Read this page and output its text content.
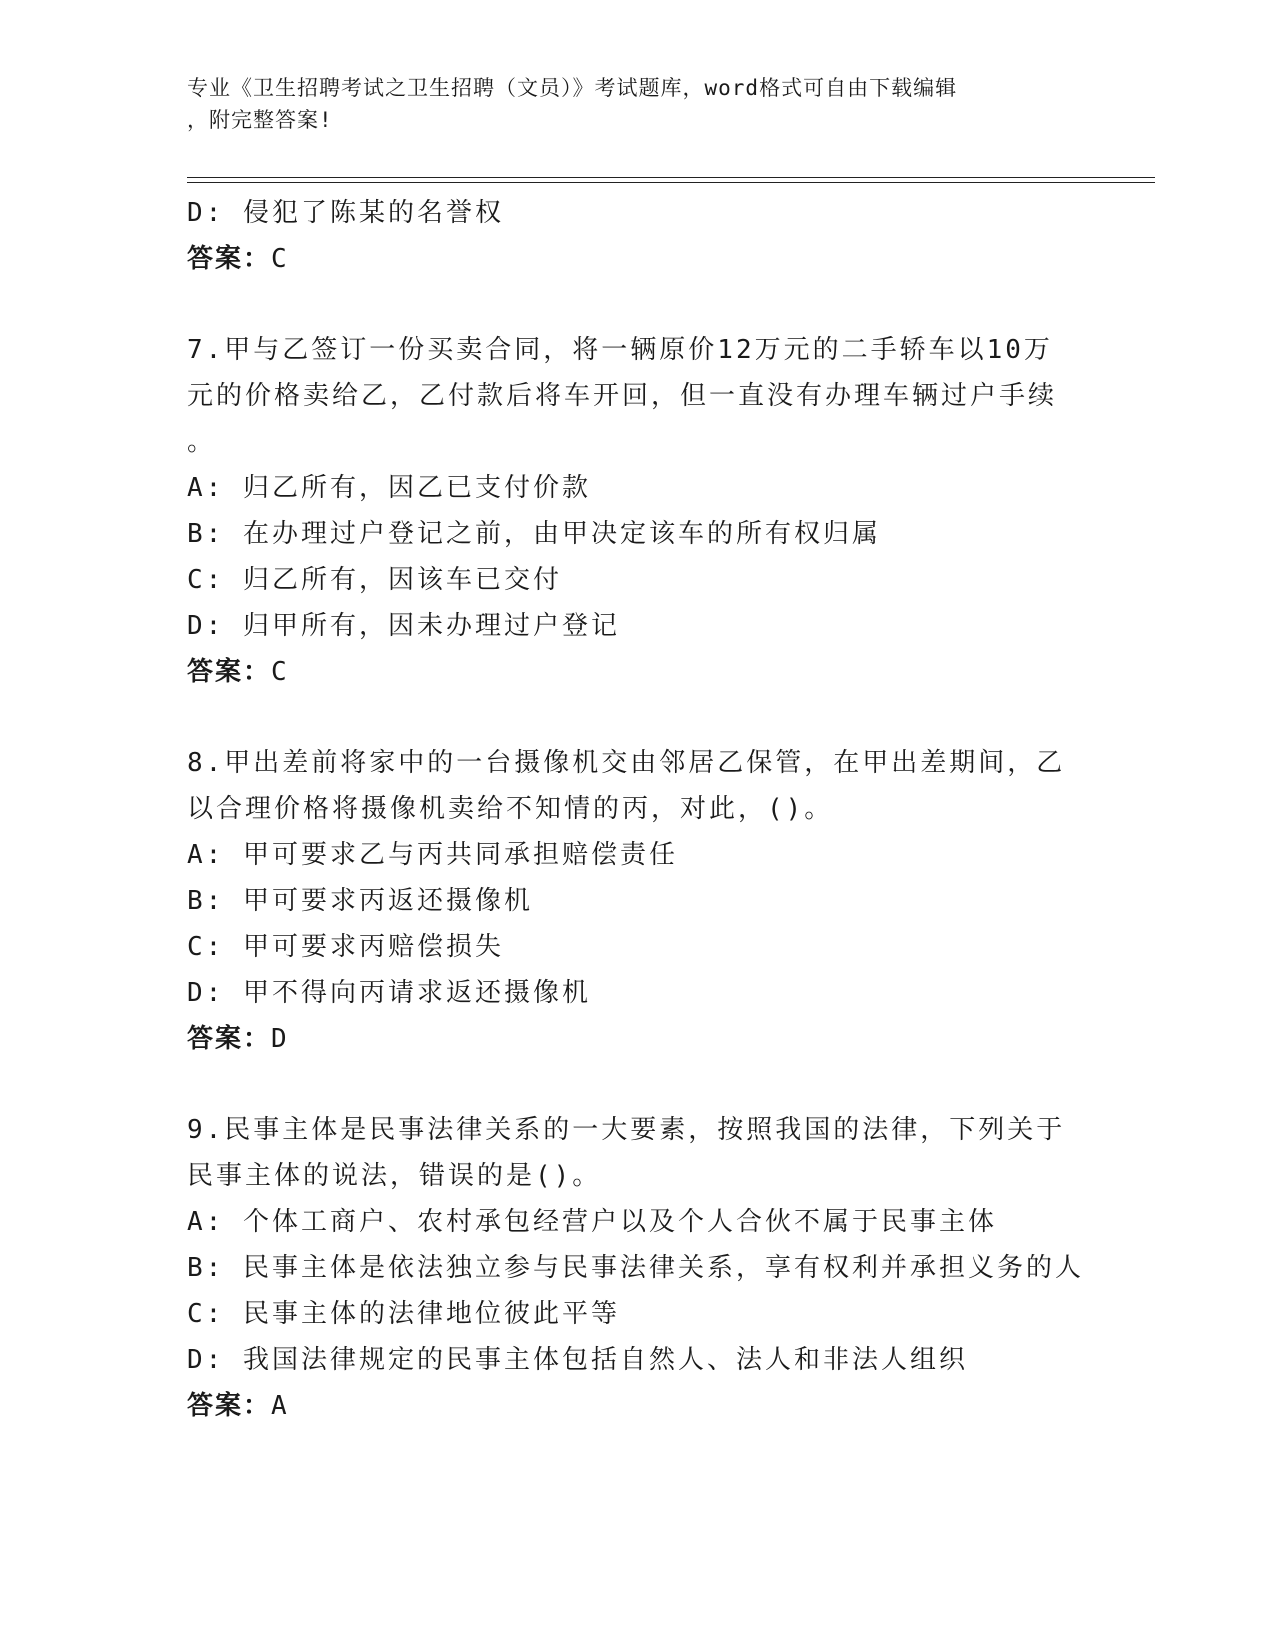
专业《卫生招聘考试之卫生招聘（文员）》考试题库，word格式可自由下载编辑
，附完整答案!
D: 侵犯了陈某的名誉权
答案：C
7.甲与乙签订一份买卖合同，将一辆原价12万元的二手轿车以10万
元的价格卖给乙，乙付款后将车开回，但一直没有办理车辆过户手续
。
A: 归乙所有，因乙已支付价款
B: 在办理过户登记之前，由甲决定该车的所有权归属
C: 归乙所有，因该车已交付
D: 归甲所有，因未办理过户登记
答案：C
8.甲出差前将家中的一台摄像机交由邻居乙保管，在甲出差期间，乙
以合理价格将摄像机卖给不知情的丙，对此，()。
A: 甲可要求乙与丙共同承担赔偿责任
B: 甲可要求丙返还摄像机
C: 甲可要求丙赔偿损失
D: 甲不得向丙请求返还摄像机
答案：D
9.民事主体是民事法律关系的一大要素，按照我国的法律，下列关于
民事主体的说法，错误的是()。
A: 个体工商户、农村承包经营户以及个人合伙不属于民事主体
B: 民事主体是依法独立参与民事法律关系，享有权利并承担义务的人
C: 民事主体的法律地位彼此平等
D: 我国法律规定的民事主体包括自然人、法人和非法人组织
答案：A
